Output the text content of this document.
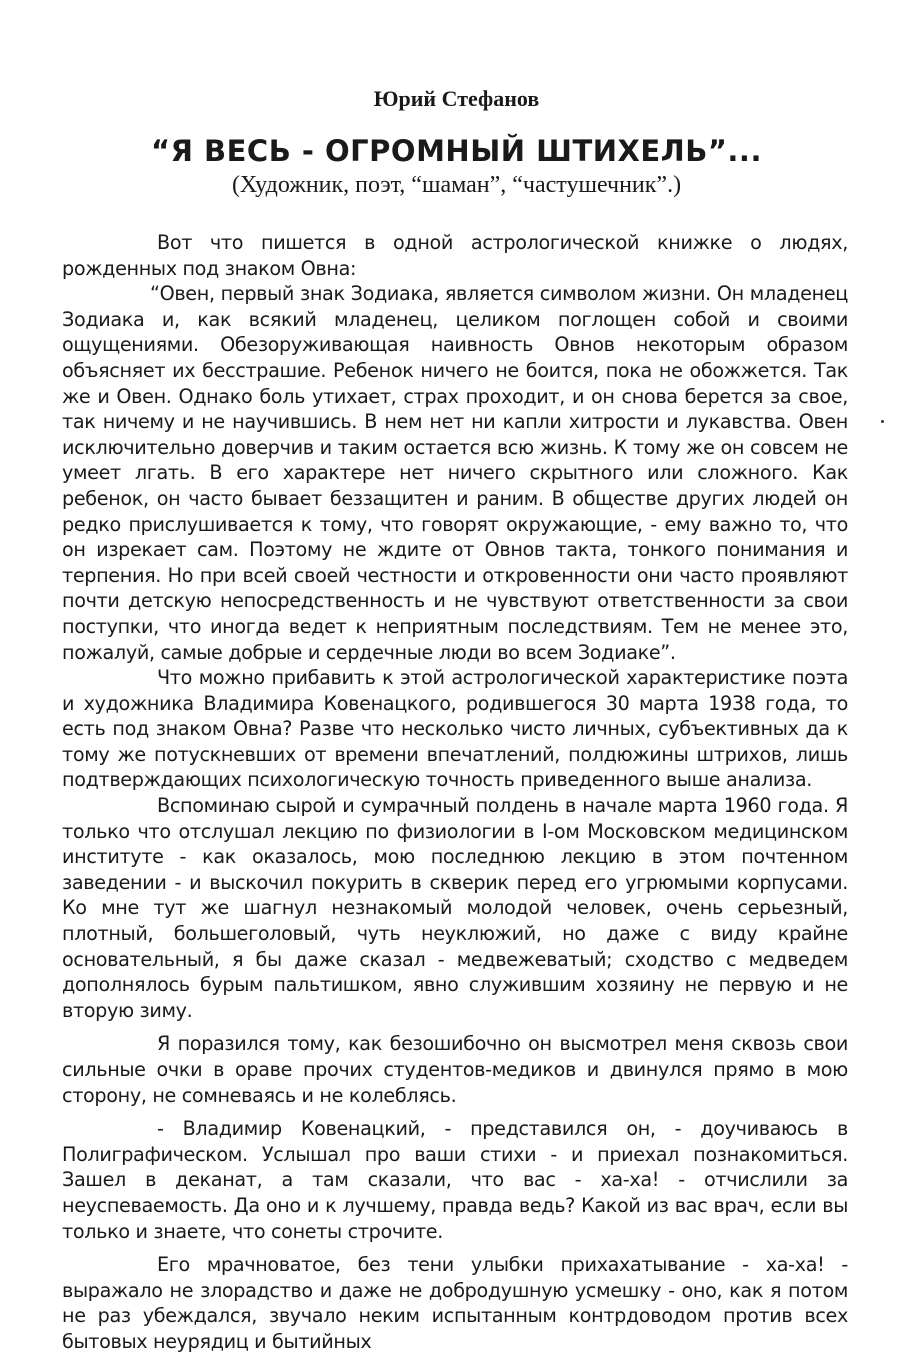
Юрий Стефанов
“Я ВЕСЬ - ОГРОМНЫЙ ШТИХЕЛЬ”...
(Художник, поэт, “шаман”, “частушечник”.)

Вот что пишется в одной астрологической книжке о людях, рожденных под знаком Овна:

“Овен, первый знак Зодиака, является символом жизни. Он младенец Зодиака и, как всякий младенец, целиком поглощен собой и своими ощущениями. Обезоруживающая наивность Овнов некоторым образом объясняет их бесстрашие. Ребенок ничего не боится, пока не обожжется. Так же и Овен. Однако боль утихает, страх проходит, и он снова берется за свое, так ничему и не научившись. В нем нет ни капли хитрости и лукавства. Овен исключительно доверчив и таким остается всю жизнь. К тому же он совсем не умеет лгать. В его характере нет ничего скрытного или сложного. Как ребенок, он часто бывает беззащитен и раним. В обществе других людей он редко прислушивается к тому, что говорят окружающие, - ему важно то, что он изрекает сам. Поэтому не ждите от Овнов такта, тонкого понимания и терпения. Но при всей своей честности и откровенности они часто проявляют почти детскую непосредственность и не чувствуют ответственности за свои поступки, что иногда ведет к неприятным последствиям. Тем не менее это, пожалуй, самые добрые и сердечные люди во всем Зодиаке”.

Что можно прибавить к этой астрологической характеристике поэта и художника Владимира Ковенацкого, родившегося 30 марта 1938 года, то есть под знаком Овна? Разве что несколько чисто личных, субъективных да к тому же потускневших от времени впечатлений, полдюжины штрихов, лишь подтверждающих психологическую точность приведенного выше анализа.

Вспоминаю сырой и сумрачный полдень в начале марта 1960 года. Я только что отслушал лекцию по физиологии в I-ом Московском медицинском институте - как оказалось, мою последнюю лекцию в этом почтенном заведении - и выскочил покурить в скверик перед его угрюмыми корпусами. Ко мне тут же шагнул незнакомый молодой человек, очень серьезный, плотный, большеголовый, чуть неуклюжий, но даже с виду крайне основательный, я бы даже сказал - медвежеватый; сходство с медведем дополнялось бурым пальтишком, явно служившим хозяину не первую и не вторую зиму.

Я поразился тому, как безошибочно он высмотрел меня сквозь свои сильные очки в ораве прочих студентов-медиков и двинулся прямо в мою сторону, не сомневаясь и не колеблясь.

- Владимир Ковенацкий, - представился он, - доучиваюсь в Полиграфическом. Услышал про ваши стихи - и приехал познакомиться. Зашел в деканат, а там сказали, что вас - ха-ха! - отчислили за неуспеваемость. Да оно и к лучшему, правда ведь? Какой из вас врач, если вы только и знаете, что сонеты строчите.

Его мрачноватое, без тени улыбки прихахатывание - ха-ха! - выражало не злорадство и даже не добродушную усмешку - оно, как я потом не раз убеждался, звучало неким испытанным контрдоводом против всех бытовых неурядиц и бытийных
